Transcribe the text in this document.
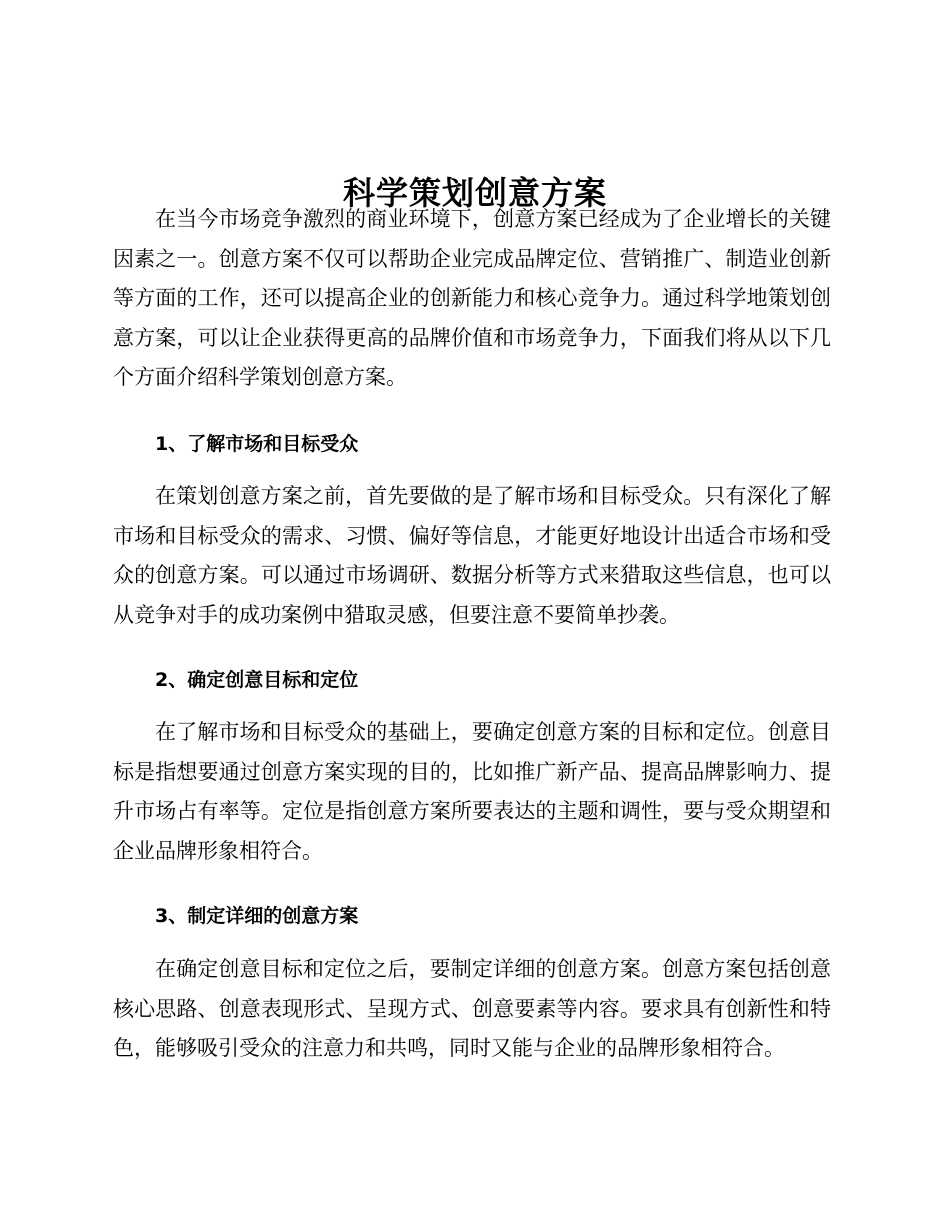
科学策划创意方案

在当今市场竞争激烈的商业环境下，创意方案已经成为了企业增长的关键因素之一。创意方案不仅可以帮助企业完成品牌定位、营销推广、制造业创新等方面的工作，还可以提高企业的创新能力和核心竞争力。通过科学地策划创意方案，可以让企业获得更高的品牌价值和市场竞争力，下面我们将从以下几个方面介绍科学策划创意方案。

1、了解市场和目标受众

在策划创意方案之前，首先要做的是了解市场和目标受众。只有深化了解市场和目标受众的需求、习惯、偏好等信息，才能更好地设计出适合市场和受众的创意方案。可以通过市场调研、数据分析等方式来猎取这些信息，也可以从竞争对手的成功案例中猎取灵感，但要注意不要简单抄袭。

2、确定创意目标和定位

在了解市场和目标受众的基础上，要确定创意方案的目标和定位。创意目标是指想要通过创意方案实现的目的，比如推广新产品、提高品牌影响力、提升市场占有率等。定位是指创意方案所要表达的主题和调性，要与受众期望和企业品牌形象相符合。

3、制定详细的创意方案

在确定创意目标和定位之后，要制定详细的创意方案。创意方案包括创意核心思路、创意表现形式、呈现方式、创意要素等内容。要求具有创新性和特色，能够吸引受众的注意力和共鸣，同时又能与企业的品牌形象相符合。
